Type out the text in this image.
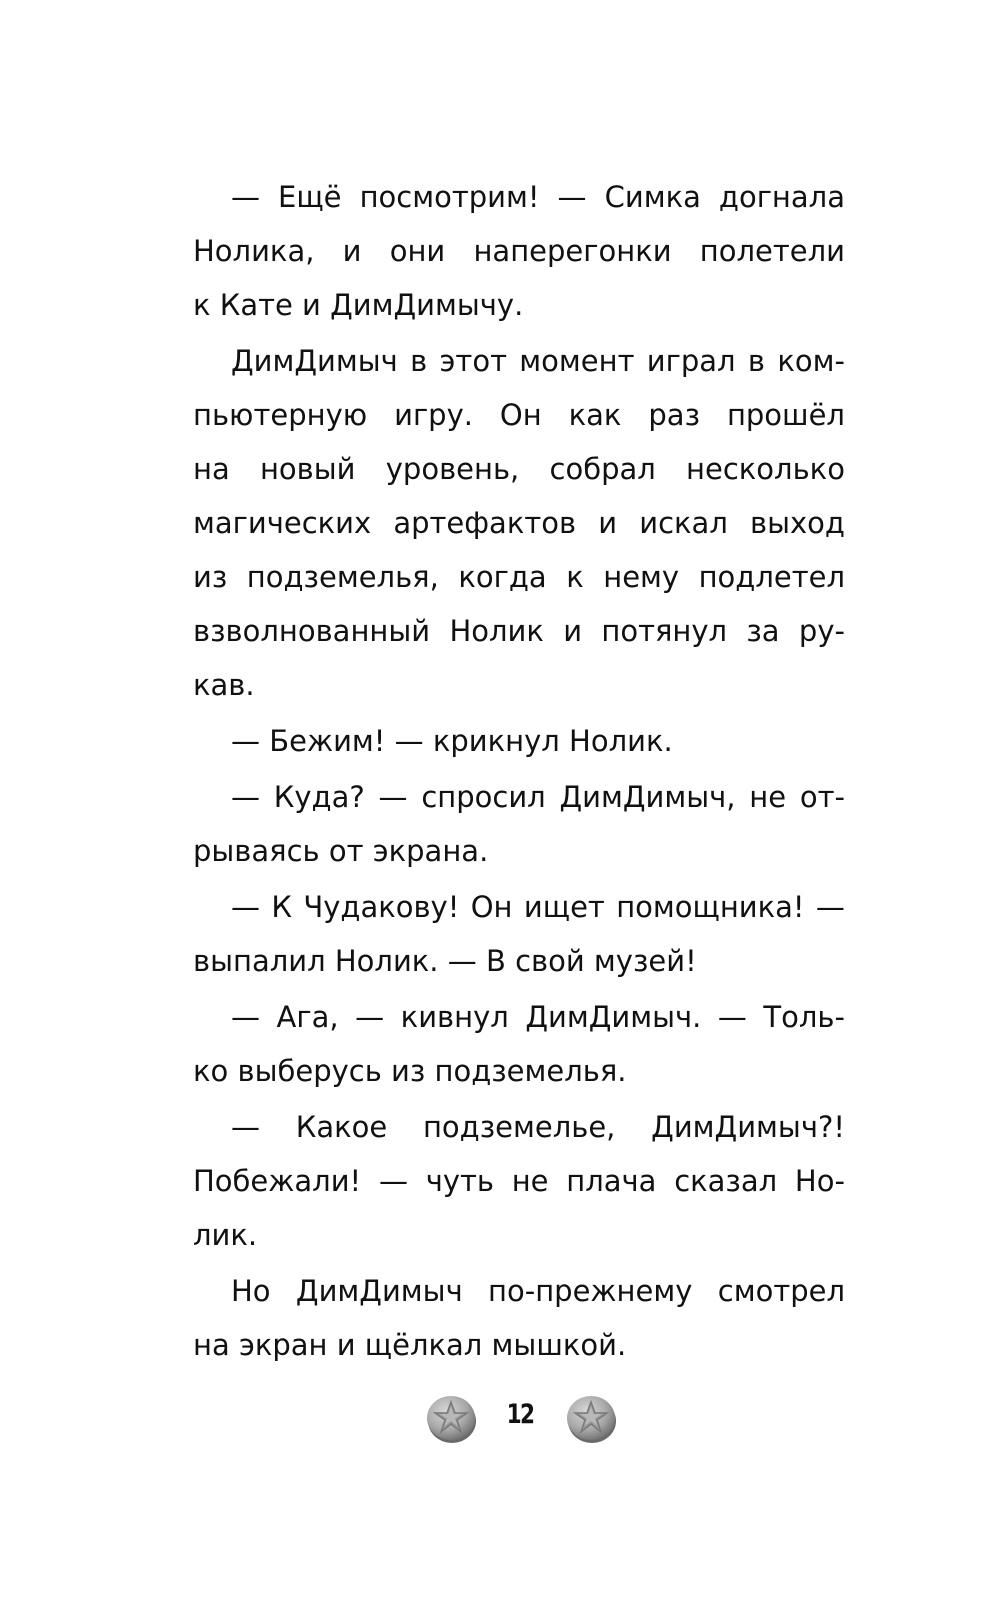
— Ещё посмотрим! — Симка догнала
Нолика, и они наперегонки полетели
к Кате и ДимДимычу.
ДимДимыч в этот момент играл в ком-
пьютерную игру. Он как раз прошёл
на новый уровень, собрал несколько
магических артефактов и искал выход
из подземелья, когда к нему подлетел
взволнованный Нолик и потянул за ру-
кав.
— Бежим! — крикнул Нолик.
— Куда? — спросил ДимДимыч, не от-
рываясь от экрана.
— К Чудакову! Он ищет помощника! —
выпалил Нолик. — В свой музей!
— Ага, — кивнул ДимДимыч. — Толь-
ко выберусь из подземелья.
— Какое подземелье, ДимДимыч?!
Побежали! — чуть не плача сказал Но-
лик.
Но ДимДимыч по-прежнему смотрел
на экран и щёлкал мышкой.
12
